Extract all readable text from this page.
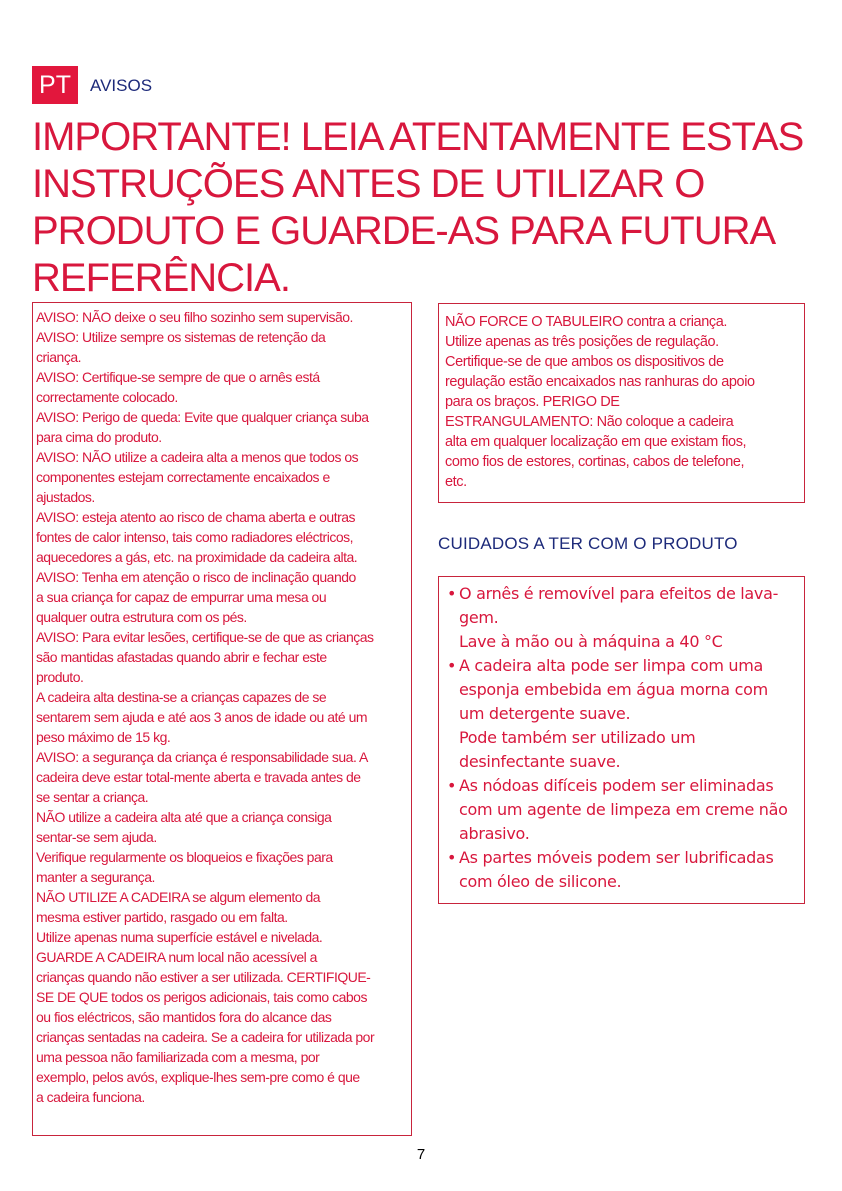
PT	AVISOS
IMPORTANTE! LEIA ATENTAMENTE ESTAS INSTRUÇÕES ANTES DE UTILIZAR O PRODUTO E GUARDE-AS PARA FUTURA REFERÊNCIA.

AVISO: NÃO deixe o seu filho sozinho sem supervisão.

AVISO: Utilize sempre os sistemas de retenção da

criança.

AVISO: Certifique-se sempre de que o arnês está

correctamente colocado.

AVISO: Perigo de queda: Evite que qualquer criança suba

para cima do produto.

AVISO: NÃO utilize a cadeira alta a menos que todos os

componentes estejam correctamente encaixados e

ajustados.

AVISO: esteja atento ao risco de chama aberta e outras

fontes de calor intenso, tais como radiadores eléctricos,

aquecedores a gás, etc. na proximidade da cadeira alta.

AVISO: Tenha em atenção o risco de inclinação quando

a sua criança for capaz de empurrar uma mesa ou

qualquer outra estrutura com os pés.

AVISO: Para evitar lesões, certifique-se de que as crianças

são mantidas afastadas quando abrir e fechar este

produto.

A cadeira alta destina-se a crianças capazes de se

sentarem sem ajuda e até aos 3 anos de idade ou até um

peso máximo de 15 kg.

AVISO: a segurança da criança é responsabilidade sua. A

cadeira deve estar total-mente aberta e travada antes de

se sentar a criança.

NÃO utilize a cadeira alta até que a criança consiga

sentar-se sem ajuda.

Verifique regularmente os bloqueios e fixações para

manter a segurança.

NÃO UTILIZE A CADEIRA se algum elemento da

mesma estiver partido, rasgado ou em falta.

Utilize apenas numa superfície estável e nivelada.

GUARDE A CADEIRA num local não acessível a

crianças quando não estiver a ser utilizada. CERTIFIQUE-

SE DE QUE todos os perigos adicionais, tais como cabos

ou fios eléctricos, são mantidos fora do alcance das

crianças sentadas na cadeira. Se a cadeira for utilizada por

uma pessoa não familiarizada com a mesma, por

exemplo, pelos avós, explique-lhes sem-pre como é que

a cadeira funciona.

NÃO FORCE O TABULEIRO contra a criança.

Utilize apenas as três posições de regulação.

Certifique-se de que ambos os dispositivos de

regulação estão encaixados nas ranhuras do apoio

para os braços. PERIGO DE

ESTRANGULAMENTO: Não coloque a cadeira

alta em qualquer localização em que existam fios,

como fios de estores, cortinas, cabos de telefone,

etc.

CUIDADOS A TER COM O PRODUTO

• O arnês é removível para efeitos de lava-

gem.

Lave à mão ou à máquina a 40 °C

• A cadeira alta pode ser limpa com uma

esponja embebida em água morna com

um detergente suave.

Pode também ser utilizado um

desinfectante suave.

• As nódoas difíceis podem ser eliminadas

com um agente de limpeza em creme não

abrasivo.

• As partes móveis podem ser lubrificadas

com óleo de silicone.

7
